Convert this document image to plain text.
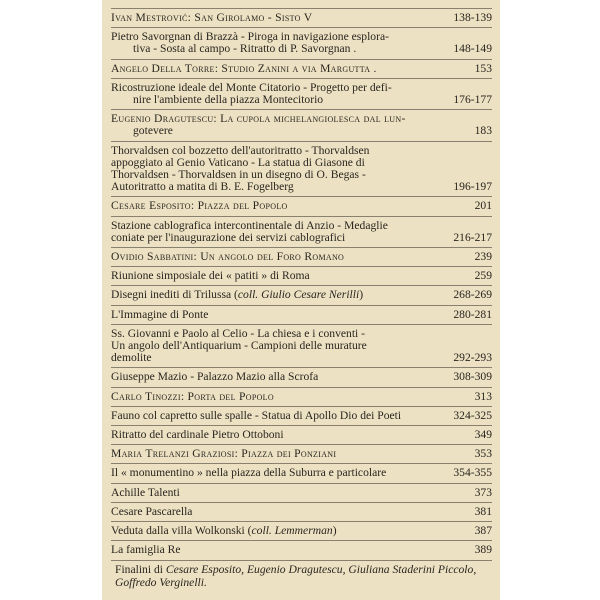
Ivan Mestrović: San Girolamo - Sisto V	138-139
Pietro Savorgnan di Brazzà - Piroga in navigazione esplora-
tiva - Sosta al campo - Ritratto di P. Savorgnan .	148-149
Angelo Della Torre: Studio Zanini a via Margutta .	153
Ricostruzione ideale del Monte Citatorio - Progetto per defi-
nire l'ambiente della piazza Montecitorio	176-177
Eugenio Dragutescu: La cupola michelangiolesca dal lun-
gotevere	183
Thorvaldsen col bozzetto dell'autoritratto - Thorvaldsen
appoggiato al Genio Vaticano - La statua di Giasone di
Thorvaldsen - Thorvaldsen in un disegno di O. Begas -
Autoritratto a matita di B. E. Fogelberg	196-197
Cesare Esposito: Piazza del Popolo	201
Stazione cablografica intercontinentale di Anzio - Medaglie
coniate per l'inaugurazione dei servizi cablografici	216-217
Ovidio Sabbatini: Un angolo del Foro Romano	239
Riunione simposiale dei « patiti » di Roma	259
Disegni inediti di Trilussa (coll. Giulio Cesare Nerilli)	268-269
L'Immagine di Ponte	280-281
Ss. Giovanni e Paolo al Celio - La chiesa e i conventi -
Un angolo dell'Antiquarium - Campioni delle murature
demolite	292-293
Giuseppe Mazio - Palazzo Mazio alla Scrofa	308-309
Carlo Tinozzi: Porta del Popolo	313
Fauno col capretto sulle spalle - Statua di Apollo Dio dei Poeti	324-325
Ritratto del cardinale Pietro Ottoboni	349
Maria Trelanzi Graziosi: Piazza dei Ponziani	353
Il « monumentino » nella piazza della Suburra e particolare	354-355
Achille Talenti	373
Cesare Pascarella	381
Veduta dalla villa Wolkonski (coll. Lemmerman)	387
La famiglia Re	389
Finalini di Cesare Esposito, Eugenio Dragutescu, Giuliana Staderini Piccolo, Goffredo Verginelli.
